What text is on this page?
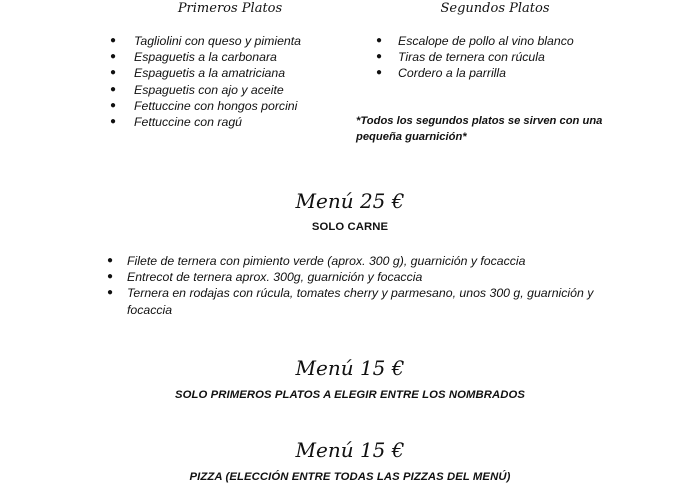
Primeros Platos
● Tagliolini con queso y pimienta
● Espaguetis a la carbonara
● Espaguetis a la amatriciana
● Espaguetis con ajo y aceite
● Fettuccine con hongos porcini
● Fettuccine con ragú
Segundos Platos
● Escalope de pollo al vino blanco
● Tiras de ternera con rúcula
● Cordero a la parrilla
*Todos los segundos platos se sirven con una
pequeña guarnición*
Menú 25 €
SOLO CARNE
● Filete de ternera con pimiento verde (aprox. 300 g), guarnición y focaccia
● Entrecot de ternera aprox. 300g, guarnición y focaccia
● Ternera en rodajas con rúcula, tomates cherry y parmesano, unos 300 g, guarnición y
focaccia
Menú 15 €
SOLO PRIMEROS PLATOS A ELEGIR ENTRE LOS NOMBRADOS
Menú 15 €
PIZZA (ELECCIÓN ENTRE TODAS LAS PIZZAS DEL MENÚ)
